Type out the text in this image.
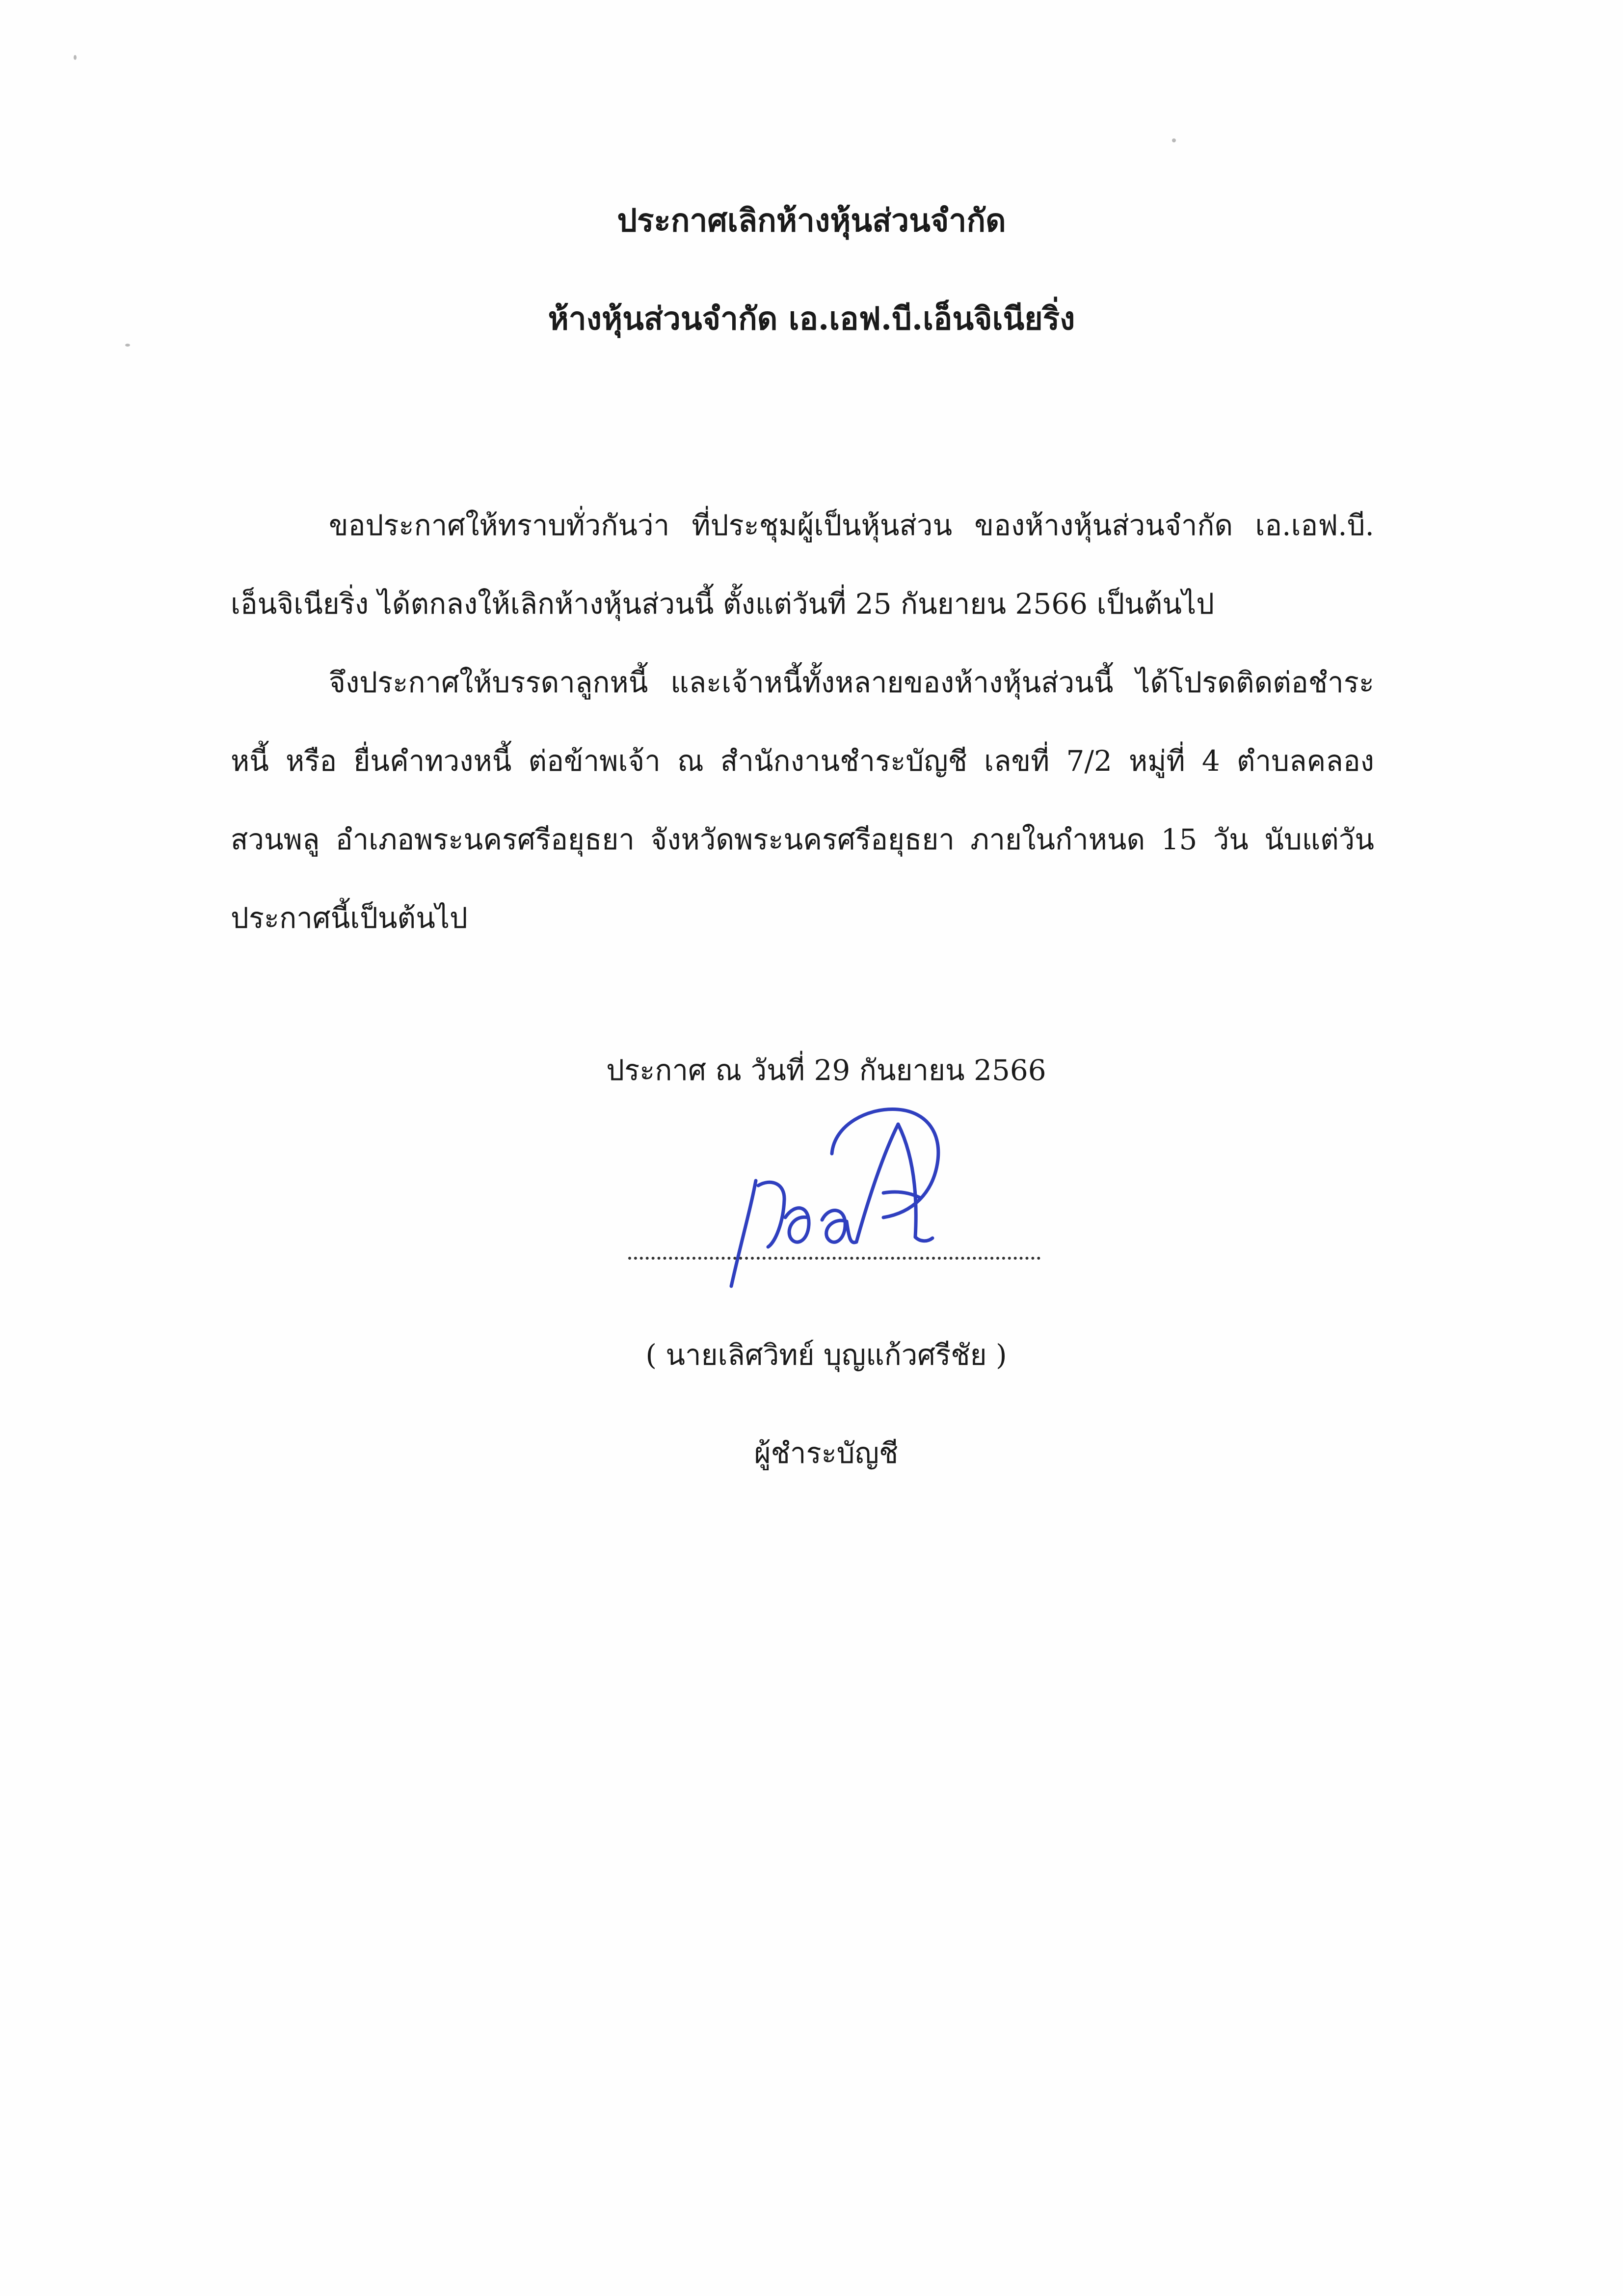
ประกาศเลิกห้างหุ้นส่วนจำกัด
ห้างหุ้นส่วนจำกัด เอ.เอฟ.บี.เอ็นจิเนียริ่ง
ขอประกาศให้ทราบทั่วกันว่า ที่ประชุมผู้เป็นหุ้นส่วน ของห้างหุ้นส่วนจำกัด เอ.เอฟ.บี. เอ็นจิเนียริ่ง ได้ตกลงให้เลิกห้างหุ้นส่วนนี้ ตั้งแต่วันที่ 25 กันยายน 2566 เป็นต้นไป
จึงประกาศให้บรรดาลูกหนี้ และเจ้าหนี้ทั้งหลายของห้างหุ้นส่วนนี้ ได้โปรดติดต่อชำระหนี้ หรือ ยื่นคำทวงหนี้ ต่อข้าพเจ้า ณ สำนักงานชำระบัญชี เลขที่ 7/2 หมู่ที่ 4 ตำบลคลองสวนพลู อำเภอพระนครศรีอยุธยา จังหวัดพระนครศรีอยุธยา ภายในกำหนด 15 วัน นับแต่วันประกาศนี้เป็นต้นไป
ประกาศ ณ วันที่ 29 กันยายน 2566
( นายเลิศวิทย์ บุญแก้วศรีชัย )
ผู้ชำระบัญชี
